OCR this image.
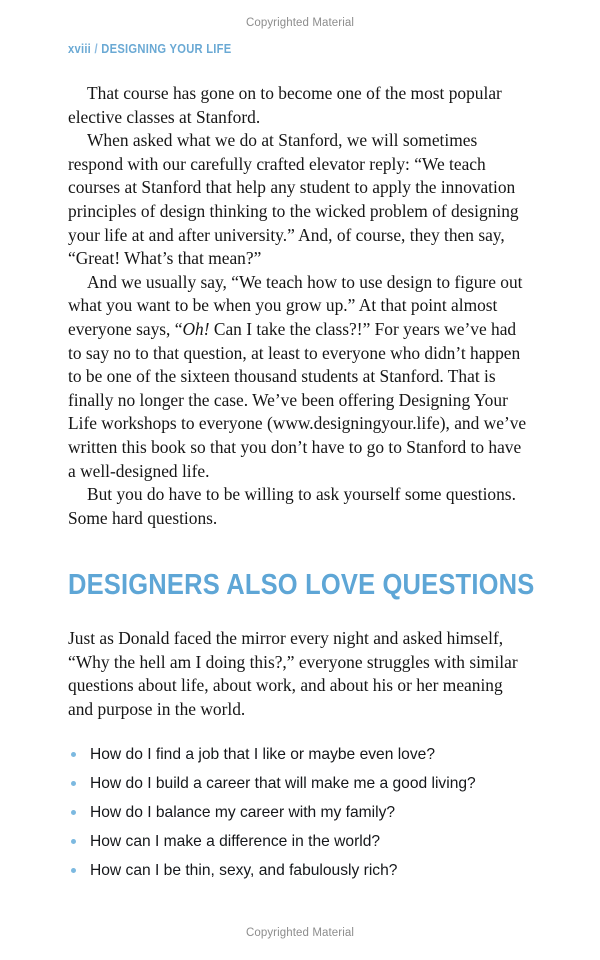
Copyrighted Material
xviii / DESIGNING YOUR LIFE

That course has gone on to become one of the most popular elective classes at Stanford.

When asked what we do at Stanford, we will sometimes respond with our carefully crafted elevator reply: “We teach courses at Stanford that help any student to apply the innovation principles of design thinking to the wicked problem of designing your life at and after university.” And, of course, they then say, “Great! What’s that mean?”

And we usually say, “We teach how to use design to figure out what you want to be when you grow up.” At that point almost everyone says, “Oh! Can I take the class?!” For years we’ve had to say no to that question, at least to everyone who didn’t happen to be one of the sixteen thousand students at Stanford. That is finally no longer the case. We’ve been offering Designing Your Life workshops to everyone (www.designingyour.life), and we’ve written this book so that you don’t have to go to Stanford to have a well-designed life.

But you do have to be willing to ask yourself some questions. Some hard questions.

DESIGNERS ALSO LOVE QUESTIONS

Just as Donald faced the mirror every night and asked himself, “Why the hell am I doing this?,” everyone struggles with similar questions about life, about work, and about his or her meaning and purpose in the world.

How do I find a job that I like or maybe even love?
How do I build a career that will make me a good living?
How do I balance my career with my family?
How can I make a difference in the world?
How can I be thin, sexy, and fabulously rich?
Copyrighted Material
